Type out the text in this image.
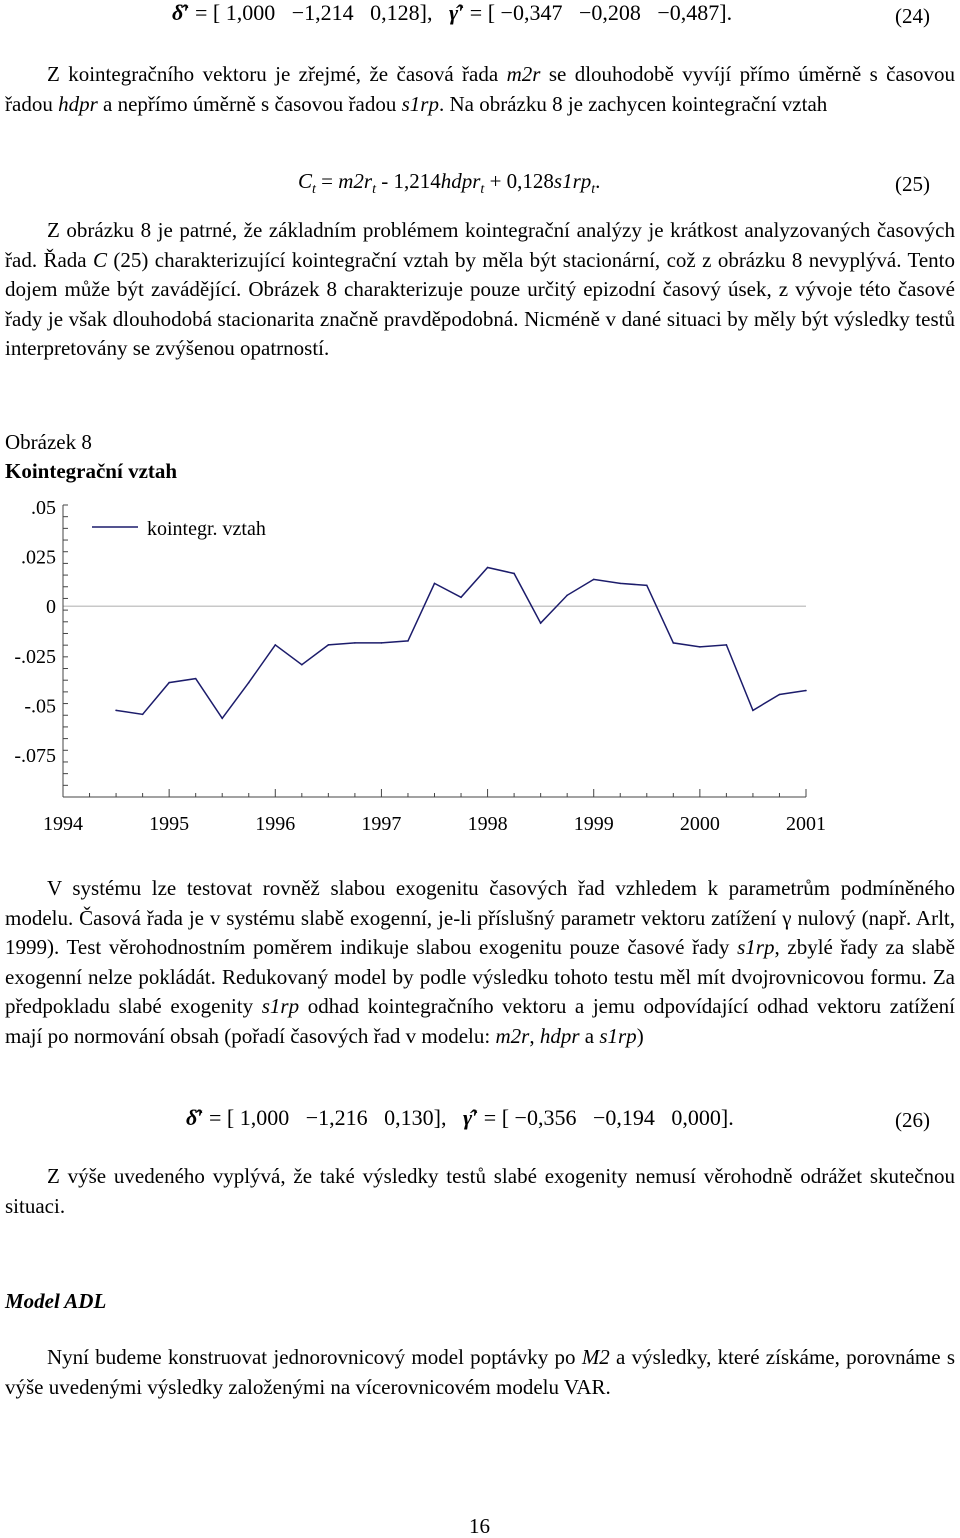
δ̂′ = [ 1,000 −1,214 0,128],   γ̂′ = [ −0,347 −0,208 −0,487].	(24)

Z kointegračního vektoru je zřejmé, že časová řada m2r se dlouhodobě vyvíjí přímo úměrně s časovou řadou hdpr a nepřímo úměrně s časovou řadou s1rp. Na obrázku 8 je zachycen kointegrační vztah

$C_t = m2r_t$ - 1,214hdpr$_t$ + $0,128s1rp_t$.	(25)

Z obrázku 8 je patrné, že základním problémem kointegrační analýzy je krátkost analyzovaných časových řad. Řada C (25) charakterizující kointegrační vztah by měla být stacionární, což z obrázku 8 nevyplývá. Tento dojem může být zavádějící. Obrázek 8 charakterizuje pouze určitý epizodní časový úsek, z vývoje této časové řady je však dlouhodobá stacionarita značně pravděpodobná. Nicméně v dané situaci by měly být výsledky testů interpretovány se zvýšenou opatrností.

Obrázek 8
Kointegrační vztah
.05
.025
0
-.025
-.05
-.075
1994	1995	1996	1997	1998	1999	2000	2001
kointegr. vztah

V systému lze testovat rovněž slabou exogenitu časových řad vzhledem k parametrům podmíněného modelu. Časová řada je v systému slabě exogenní, je-li příslušný parametr vektoru zatížení γ nulový (např. Arlt, 1999). Test věrohodnostním poměrem indikuje slabou exogenitu pouze časové řady s1rp, zbylé řady za slabě exogenní nelze pokládát. Redukovaný model by podle výsledku tohoto testu měl mít dvojrovnicovou formu. Za předpokladu slabé exogenity s1rp odhad kointegračního vektoru a jemu odpovídající odhad vektoru zatížení mají po normování obsah (pořadí časových řad v modelu: m2r, hdpr a s1rp)

δ̂′ = [ 1,000 −1,216 0,130],   γ̂′ = [ −0,356 −0,194 0,000].	(26)

Z výše uvedeného vyplývá, že také výsledky testů slabé exogenity nemusí věrohodně odrážet skutečnou situaci.

Model ADL

Nyní budeme konstruovat jednorovnicový model poptávky po M2 a výsledky, které získáme, porovnáme s výše uvedenými výsledky založenými na vícerovnicovém modelu VAR.

16
